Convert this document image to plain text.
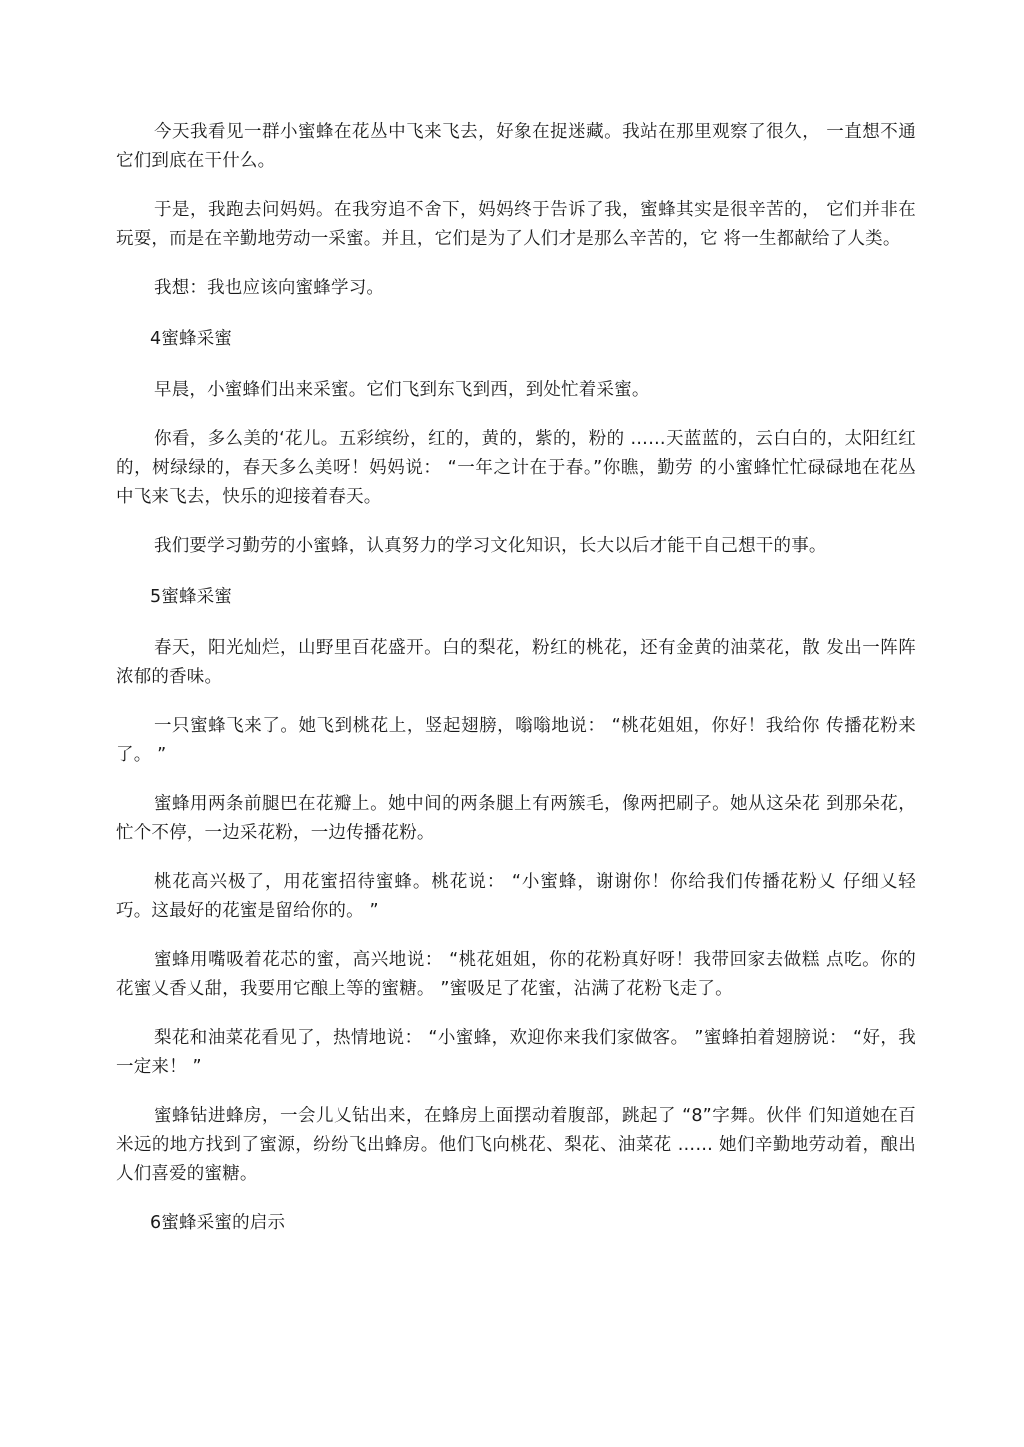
今天我看见一群小蜜蜂在花丛中飞来飞去，好象在捉迷藏。我站在那里观察了很久， 一直想不通它们到底在干什么。

于是，我跑去问妈妈。在我穷追不舍下，妈妈终于告诉了我，蜜蜂其实是很辛苦的， 它们并非在玩耍，而是在辛勤地劳动一采蜜。并且，它们是为了人们才是那么辛苦的，它 将一生都献给了人类。

我想：我也应该向蜜蜂学习。

4蜜蜂采蜜

早晨，小蜜蜂们出来采蜜。它们飞到东飞到西，到处忙着采蜜。

你看，多么美的‘花儿。五彩缤纷，红的，黄的，紫的，粉的 ……天蓝蓝的，云白白的，太阳红红的，树绿绿的，春天多么美呀！妈妈说： “一年之计在于春。”你瞧，勤劳 的小蜜蜂忙忙碌碌地在花丛中飞来飞去，快乐的迎接着春天。

我们要学习勤劳的小蜜蜂，认真努力的学习文化知识，长大以后才能干自己想干的事。

5蜜蜂采蜜

春天，阳光灿烂，山野里百花盛开。白的梨花，粉红的桃花，还有金黄的油菜花，散 发出一阵阵浓郁的香味。

一只蜜蜂飞来了。她飞到桃花上，竖起翅膀，嗡嗡地说： “桃花姐姐，你好！我给你 传播花粉来了。 ”

蜜蜂用两条前腿巴在花瓣上。她中间的两条腿上有两簇毛，像两把刷子。她从这朵花 到那朵花，忙个不停，一边采花粉，一边传播花粉。

桃花高兴极了，用花蜜招待蜜蜂。桃花说： “小蜜蜂，谢谢你！你给我们传播花粉乂 仔细乂轻巧。这最好的花蜜是留给你的。 ”

蜜蜂用嘴吸着花芯的蜜，高兴地说： “桃花姐姐，你的花粉真好呀！我带回家去做糕 点吃。你的花蜜乂香乂甜，我要用它酿上等的蜜糖。 ”蜜吸足了花蜜，沾满了花粉飞走了。

梨花和油菜花看见了，热情地说： “小蜜蜂，欢迎你来我们家做客。 ”蜜蜂拍着翅膀说： “好，我一定来！ ”

蜜蜂钻进蜂房，一会儿乂钻出来，在蜂房上面摆动着腹部，跳起了 “8”字舞。伙伴 们知道她在百米远的地方找到了蜜源，纷纷飞出蜂房。他们飞向桃花、梨花、油菜花 …… 她们辛勤地劳动着，酿出人们喜爱的蜜糖。

6蜜蜂采蜜的启示
